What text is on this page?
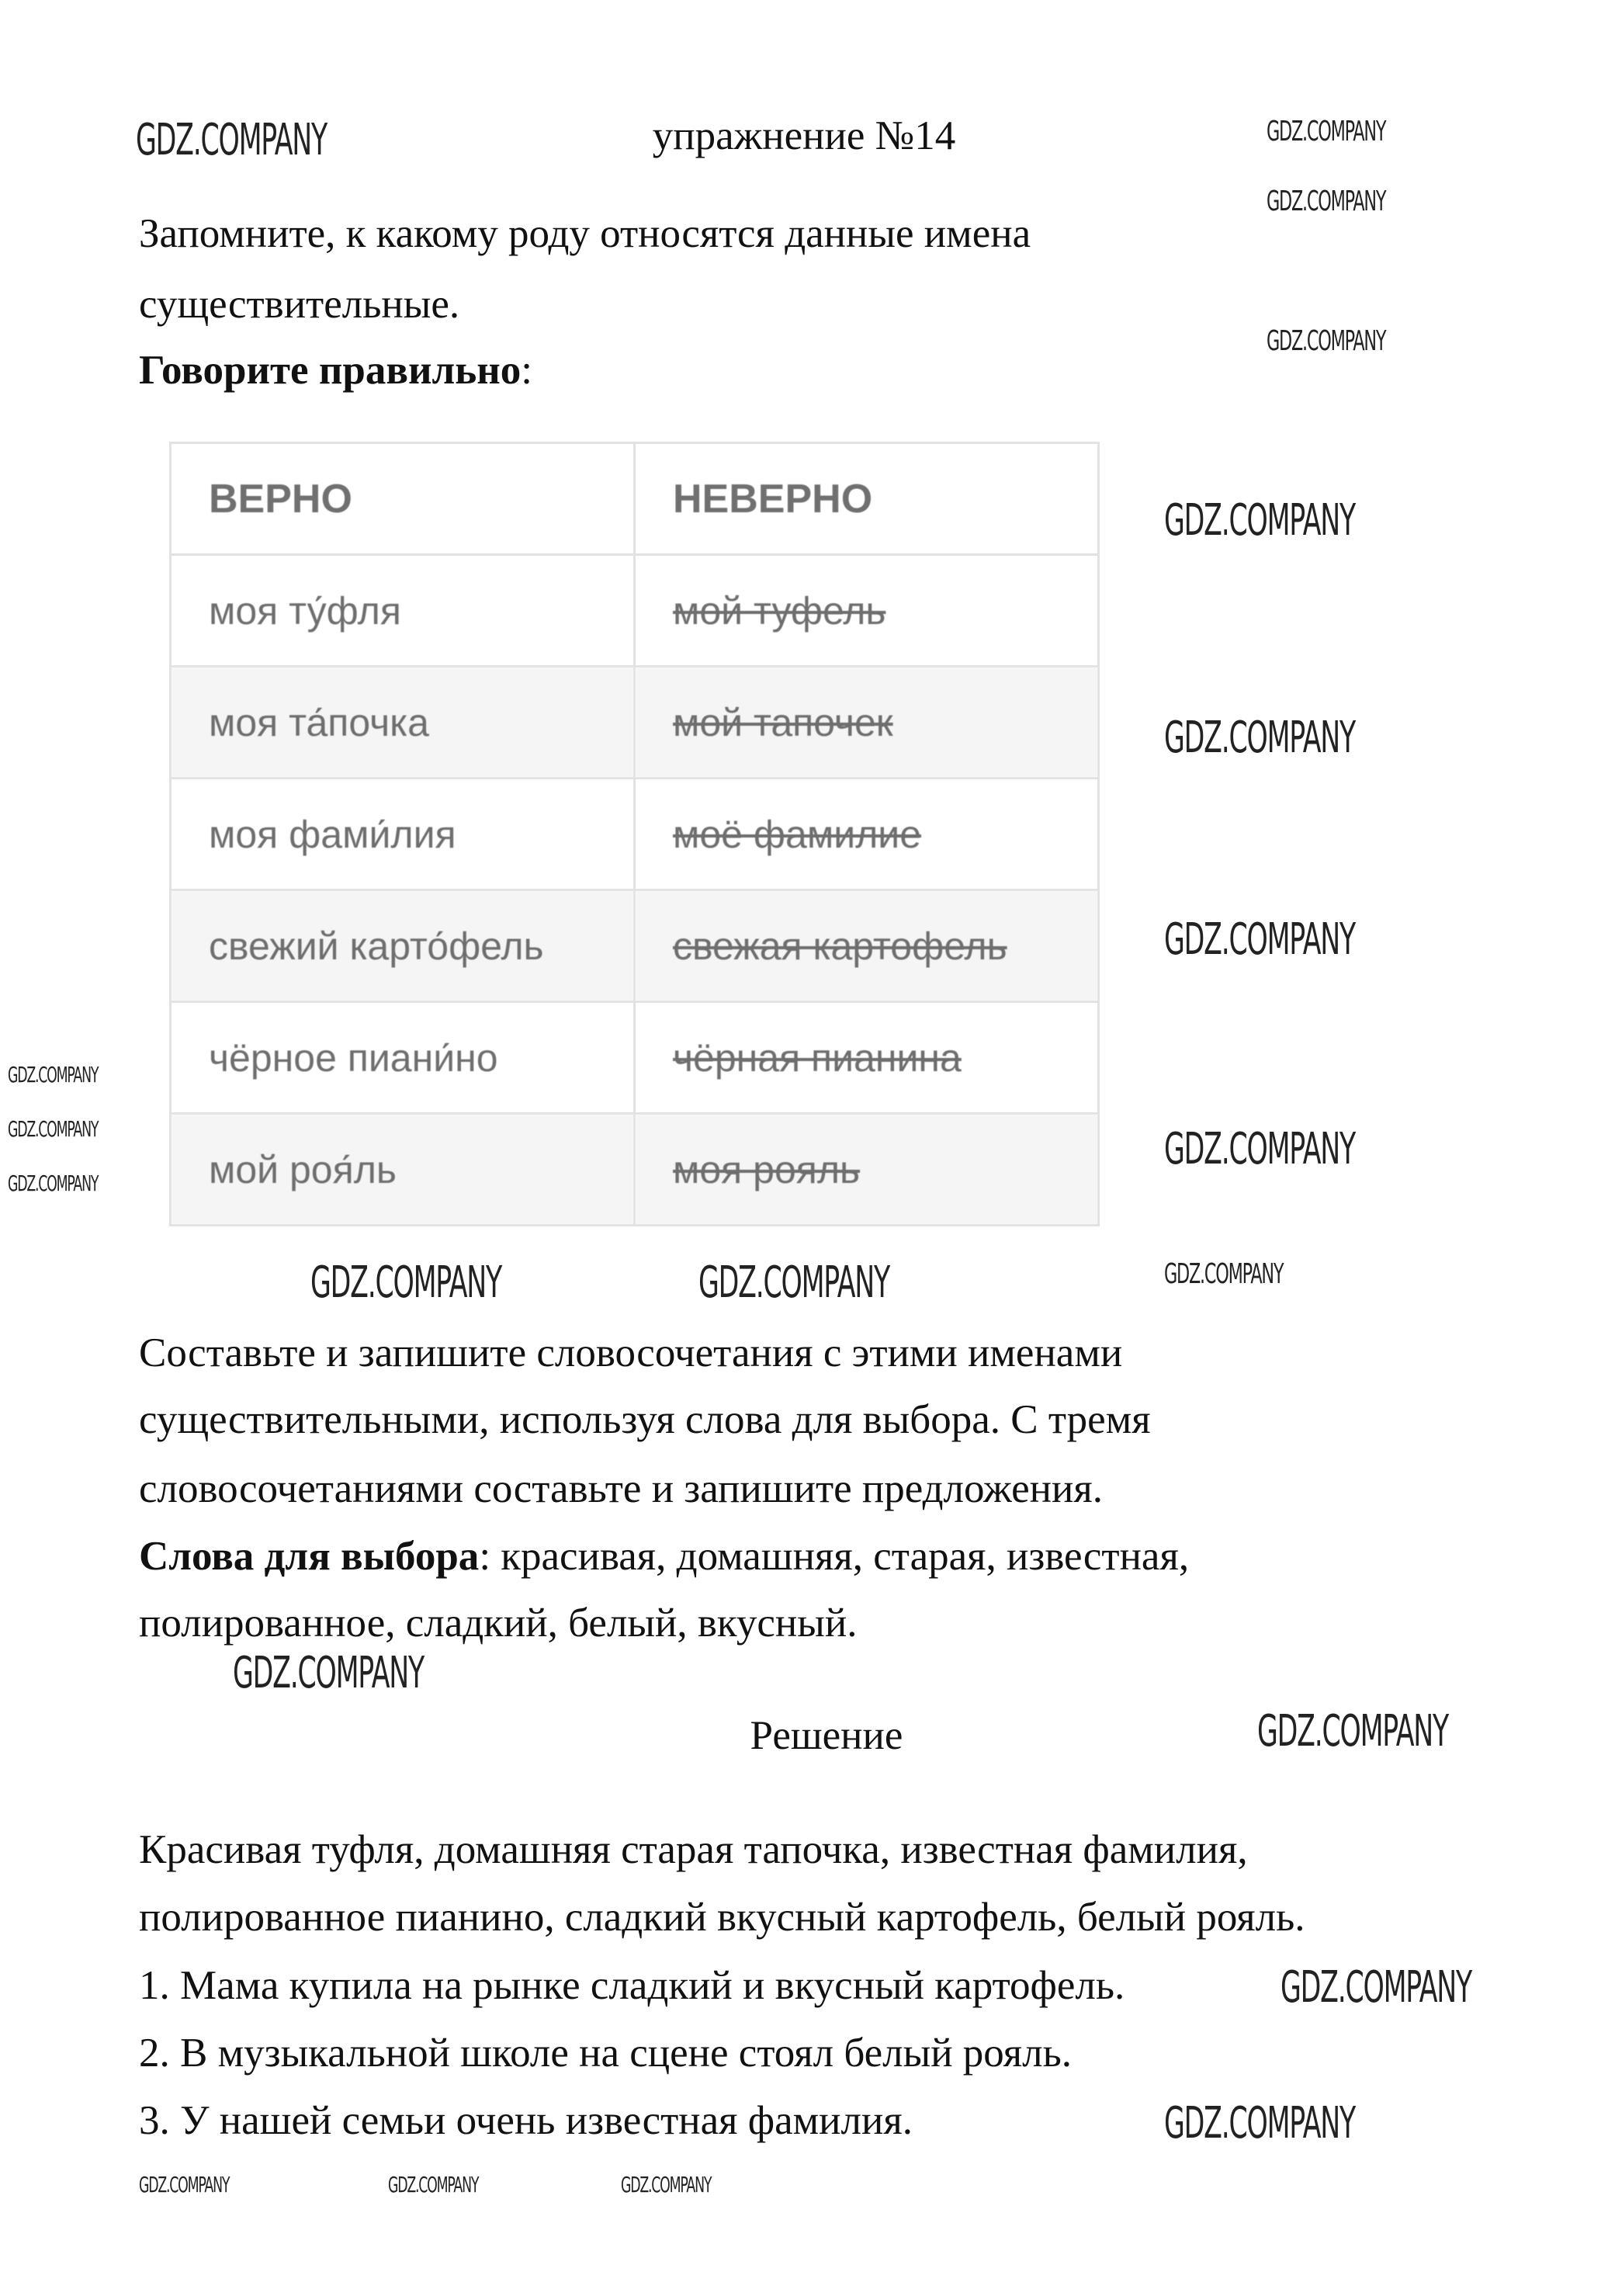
упражнение №14
Запомните, к какому роду относятся данные имена
существительные.
Говорите правильно:
ВЕРНО	НЕВЕРНО
моя ту́фля	мой туфель
моя та́почка	мой тапочек
моя фами́лия	моё фамилие
свежий карто́фель	свежая картофель
чёрное пиани́но	чёрная пианина
мой роя́ль	моя рояль
Составьте и запишите словосочетания с этими именами
существительными, используя слова для выбора. С тремя
словосочетаниями составьте и запишите предложения.
Слова для выбора: красивая, домашняя, старая, известная,
полированное, сладкий, белый, вкусный.
Решение
Красивая туфля, домашняя старая тапочка, известная фамилия,
полированное пианино, сладкий вкусный картофель, белый рояль.
1. Мама купила на рынке сладкий и вкусный картофель.
2. В музыкальной школе на сцене стоял белый рояль.
3. У нашей семьи очень известная фамилия.
GDZ.COMPANY	GDZ.COMPANY
GDZ.COMPANY
GDZ.COMPANY
GDZ.COMPANY
GDZ.COMPANY
GDZ.COMPANY
GDZ.COMPANY
GDZ.COMPANY
GDZ.COMPANY
GDZ.COMPANY
GDZ.COMPANY	GDZ.COMPANY	GDZ.COMPANY
GDZ.COMPANY
GDZ.COMPANY
GDZ.COMPANY
GDZ.COMPANY
GDZ.COMPANY	GDZ.COMPANY	GDZ.COMPANY
